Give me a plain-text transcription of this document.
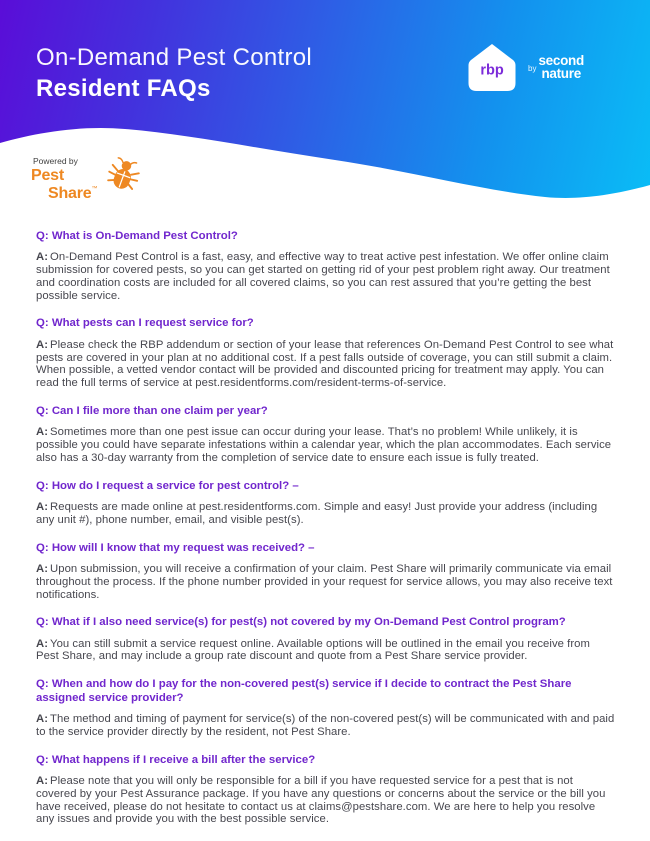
On-Demand Pest Control
Resident FAQs
rbp	by
second
nature
Powered by
Pest
Share™
Q: What is On-Demand Pest Control?

A: On-Demand Pest Control is a fast, easy, and effective way to treat active pest infestation. We offer online claim submission for covered pests, so you can get started on getting rid of your pest problem right away. Our treatment and coordination costs are included for all covered claims, so you can rest assured that you’re getting the best possible service.

Q: What pests can I request service for?

A: Please check the RBP addendum or section of your lease that references On-Demand Pest Control to see what pests are covered in your plan at no additional cost. If a pest falls outside of coverage, you can still submit a claim. When possible, a vetted vendor contact will be provided and discounted pricing for treatment may apply. You can read the full terms of service at pest.residentforms.com/resident-terms-of-service.

Q: Can I file more than one claim per year?

A: Sometimes more than one pest issue can occur during your lease. That’s no problem! While unlikely, it is possible you could have separate infestations within a calendar year, which the plan accommodates. Each service also has a 30-day warranty from the completion of service date to ensure each issue is fully treated.

Q: How do I request a service for pest control? –

A: Requests are made online at pest.residentforms.com. Simple and easy! Just provide your address (including any unit #), phone number, email, and visible pest(s).

Q: How will I know that my request was received? –

A: Upon submission, you will receive a confirmation of your claim. Pest Share will primarily communicate via email throughout the process. If the phone number provided in your request for service allows, you may also receive text notifications.

Q: What if I also need service(s) for pest(s) not covered by my On-Demand Pest Control program?

A: You can still submit a service request online. Available options will be outlined in the email you receive from Pest Share, and may include a group rate discount and quote from a Pest Share service provider.

Q: When and how do I pay for the non-covered pest(s) service if I decide to contract the Pest Share assigned service provider?

A: The method and timing of payment for service(s) of the non-covered pest(s) will be communicated with and paid to the service provider directly by the resident, not Pest Share.

Q: What happens if I receive a bill after the service?

A: Please note that you will only be responsible for a bill if you have requested service for a pest that is not covered by your Pest Assurance package. If you have any questions or concerns about the service or the bill you have received, please do not hesitate to contact us at claims@pestshare.com. We are here to help you resolve any issues and provide you with the best possible service.
